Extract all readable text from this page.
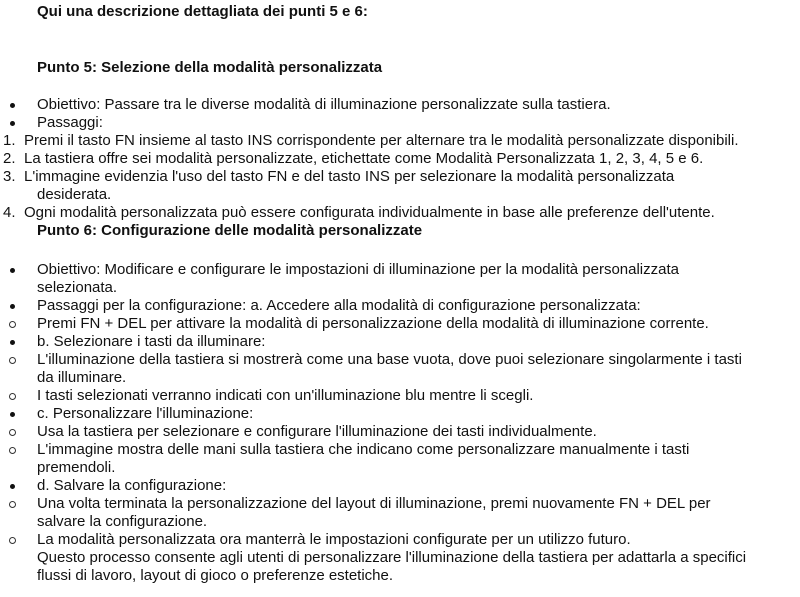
Qui una descrizione dettagliata dei punti 5 e 6:
Punto 5: Selezione della modalità personalizzata
Obiettivo: Passare tra le diverse modalità di illuminazione personalizzate sulla tastiera.
Passaggi:
1. Premi il tasto FN insieme al tasto INS corrispondente per alternare tra le modalità personalizzate disponibili.
2. La tastiera offre sei modalità personalizzate, etichettate come Modalità Personalizzata 1, 2, 3, 4, 5 e 6.
3. L'immagine evidenzia l'uso del tasto FN e del tasto INS per selezionare la modalità personalizzata
desiderata.
4. Ogni modalità personalizzata può essere configurata individualmente in base alle preferenze dell'utente.
Punto 6: Configurazione delle modalità personalizzate
Obiettivo: Modificare e configurare le impostazioni di illuminazione per la modalità personalizzata
selezionata.
Passaggi per la configurazione: a. Accedere alla modalità di configurazione personalizzata:
Premi FN + DEL per attivare la modalità di personalizzazione della modalità di illuminazione corrente.
b. Selezionare i tasti da illuminare:
L'illuminazione della tastiera si mostrerà come una base vuota, dove puoi selezionare singolarmente i tasti
da illuminare.
I tasti selezionati verranno indicati con un'illuminazione blu mentre li scegli.
c. Personalizzare l'illuminazione:
Usa la tastiera per selezionare e configurare l'illuminazione dei tasti individualmente.
L'immagine mostra delle mani sulla tastiera che indicano come personalizzare manualmente i tasti
premendoli.
d. Salvare la configurazione:
Una volta terminata la personalizzazione del layout di illuminazione, premi nuovamente FN + DEL per
salvare la configurazione.
La modalità personalizzata ora manterrà le impostazioni configurate per un utilizzo futuro.
Questo processo consente agli utenti di personalizzare l'illuminazione della tastiera per adattarla a specifici
flussi di lavoro, layout di gioco o preferenze estetiche.
